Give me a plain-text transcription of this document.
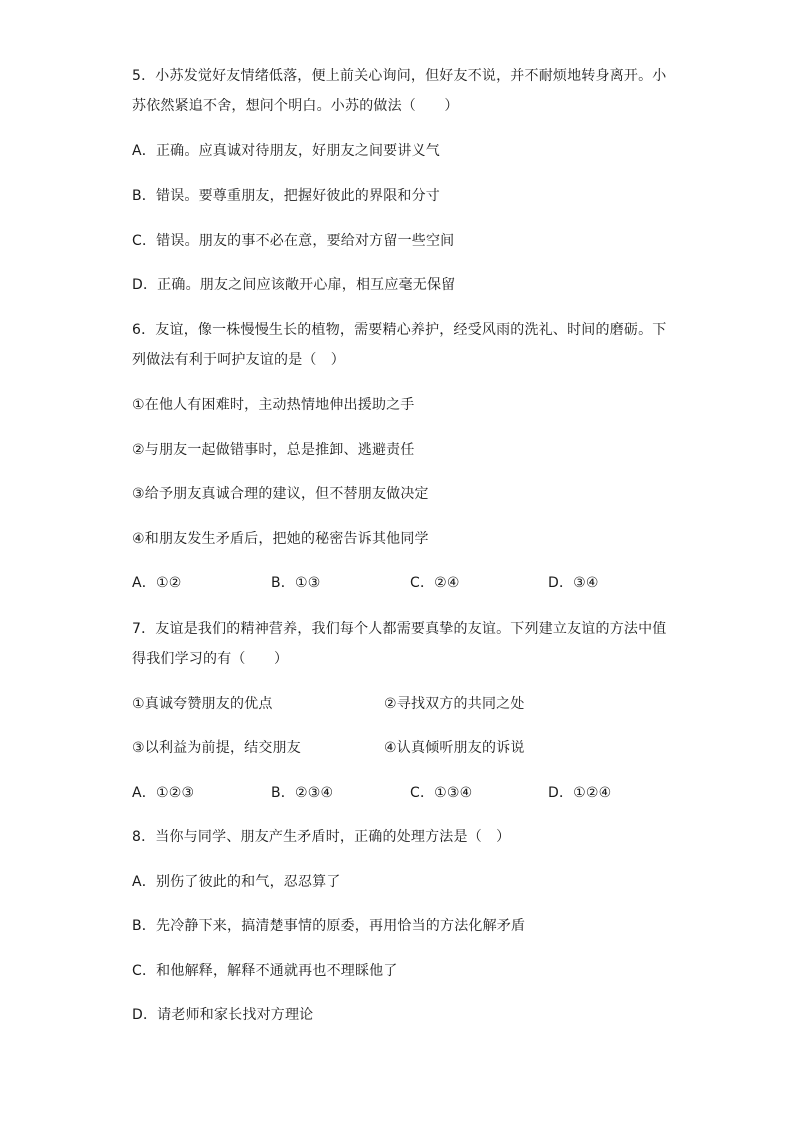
5．小苏发觉好友情绪低落，便上前关心询问，但好友不说，并不耐烦地转身离开。小
苏依然紧追不舍，想问个明白。小苏的做法（　　）
A．正确。应真诚对待朋友，好朋友之间要讲义气
B．错误。要尊重朋友，把握好彼此的界限和分寸
C．错误。朋友的事不必在意，要给对方留一些空间
D．正确。朋友之间应该敞开心扉，相互应毫无保留
6．友谊，像一株慢慢生长的植物，需要精心养护，经受风雨的洗礼、时间的磨砺。下
列做法有利于呵护友谊的是（　）
①在他人有困难时，主动热情地伸出援助之手
②与朋友一起做错事时，总是推卸、逃避责任
③给予朋友真诚合理的建议，但不替朋友做决定
④和朋友发生矛盾后，把她的秘密告诉其他同学
A．①②	B．①③	C．②④	D．③④
7．友谊是我们的精神营养，我们每个人都需要真挚的友谊。下列建立友谊的方法中值
得我们学习的有（　　）
①真诚夸赞朋友的优点	②寻找双方的共同之处
③以利益为前提，结交朋友	④认真倾听朋友的诉说
A．①②③	B．②③④	C．①③④	D．①②④
8．当你与同学、朋友产生矛盾时，正确的处理方法是（　）
A．别伤了彼此的和气，忍忍算了
B．先冷静下来，搞清楚事情的原委，再用恰当的方法化解矛盾
C．和他解释，解释不通就再也不理睬他了
D．请老师和家长找对方理论
